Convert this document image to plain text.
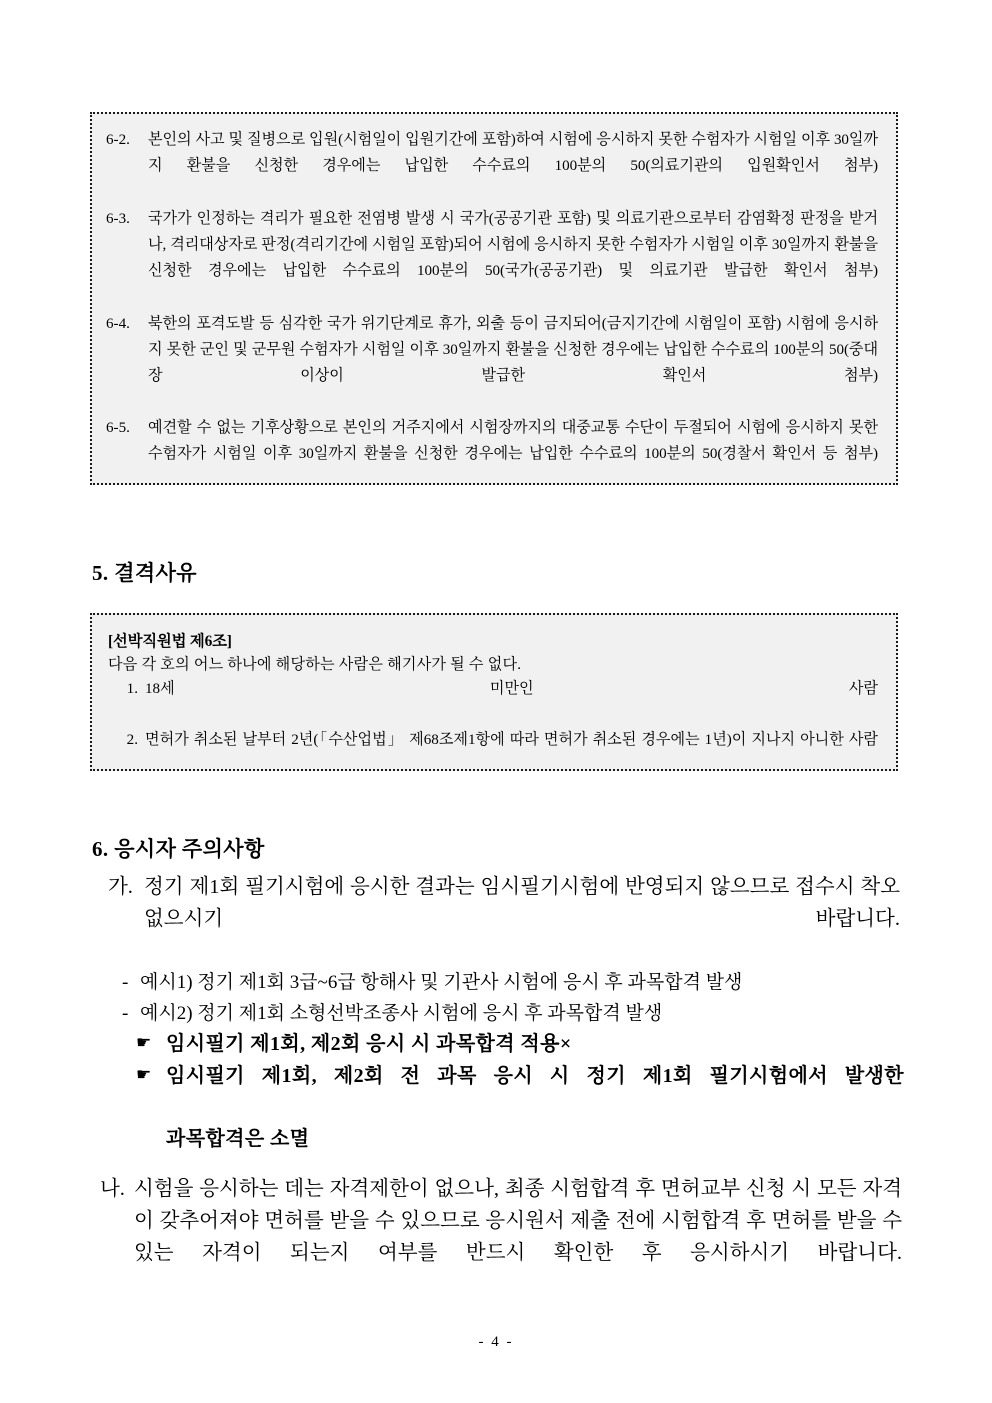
6-2.	본인의 사고 및 질병으로 입원(시험일이 입원기간에 포함)하여 시험에 응시하지 못한 수험자가 시험일 이후 30일까지 환불을 신청한 경우에는 납입한 수수료의 100분의 50(의료기관의 입원확인서 첨부)
6-3.	국가가 인정하는 격리가 필요한 전염병 발생 시 국가(공공기관 포함) 및 의료기관으로부터 감염확정 판정을 받거나, 격리대상자로 판정(격리기간에 시험일 포함)되어 시험에 응시하지 못한 수험자가 시험일 이후 30일까지 환불을 신청한 경우에는 납입한 수수료의 100분의 50(국가(공공기관) 및 의료기관 발급한 확인서 첨부)
6-4.	북한의 포격도발 등 심각한 국가 위기단계로 휴가, 외출 등이 금지되어(금지기간에 시험일이 포함) 시험에 응시하지 못한 군인 및 군무원 수험자가 시험일 이후 30일까지 환불을 신청한 경우에는 납입한 수수료의 100분의 50(중대장 이상이 발급한 확인서 첨부)
6-5.	예견할 수 없는 기후상황으로 본인의 거주지에서 시험장까지의 대중교통 수단이 두절되어 시험에 응시하지 못한 수험자가 시험일 이후 30일까지 환불을 신청한 경우에는 납입한 수수료의 100분의 50(경찰서 확인서 등 첨부)
5. 결격사유
[선박직원법 제6조]
다음 각 호의 어느 하나에 해당하는 사람은 해기사가 될 수 없다.
1. 18세 미만인 사람
2. 면허가 취소된 날부터 2년(「수산업법」 제68조제1항에 따라 면허가 취소된 경우에는 1년)이 지나지 아니한 사람
6. 응시자 주의사항
가. 정기 제1회 필기시험에 응시한 결과는 임시필기시험에 반영되지 않으므로 접수시 착오 없으시기 바랍니다.
- 예시1) 정기 제1회 3급~6급 항해사 및 기관사 시험에 응시 후 과목합격 발생
- 예시2) 정기 제1회 소형선박조종사 시험에 응시 후 과목합격 발생
☛ 임시필기 제1회, 제2회 응시 시 과목합격 적용×
☛ 임시필기 제1회, 제2회 전 과목 응시 시 정기 제1회 필기시험에서 발생한 과목합격은 소멸
나. 시험을 응시하는 데는 자격제한이 없으나, 최종 시험합격 후 면허교부 신청 시 모든 자격이 갖추어져야 면허를 받을 수 있으므로 응시원서 제출 전에 시험합격 후 면허를 받을 수 있는 자격이 되는지 여부를 반드시 확인한 후 응시하시기 바랍니다.
- 4 -
